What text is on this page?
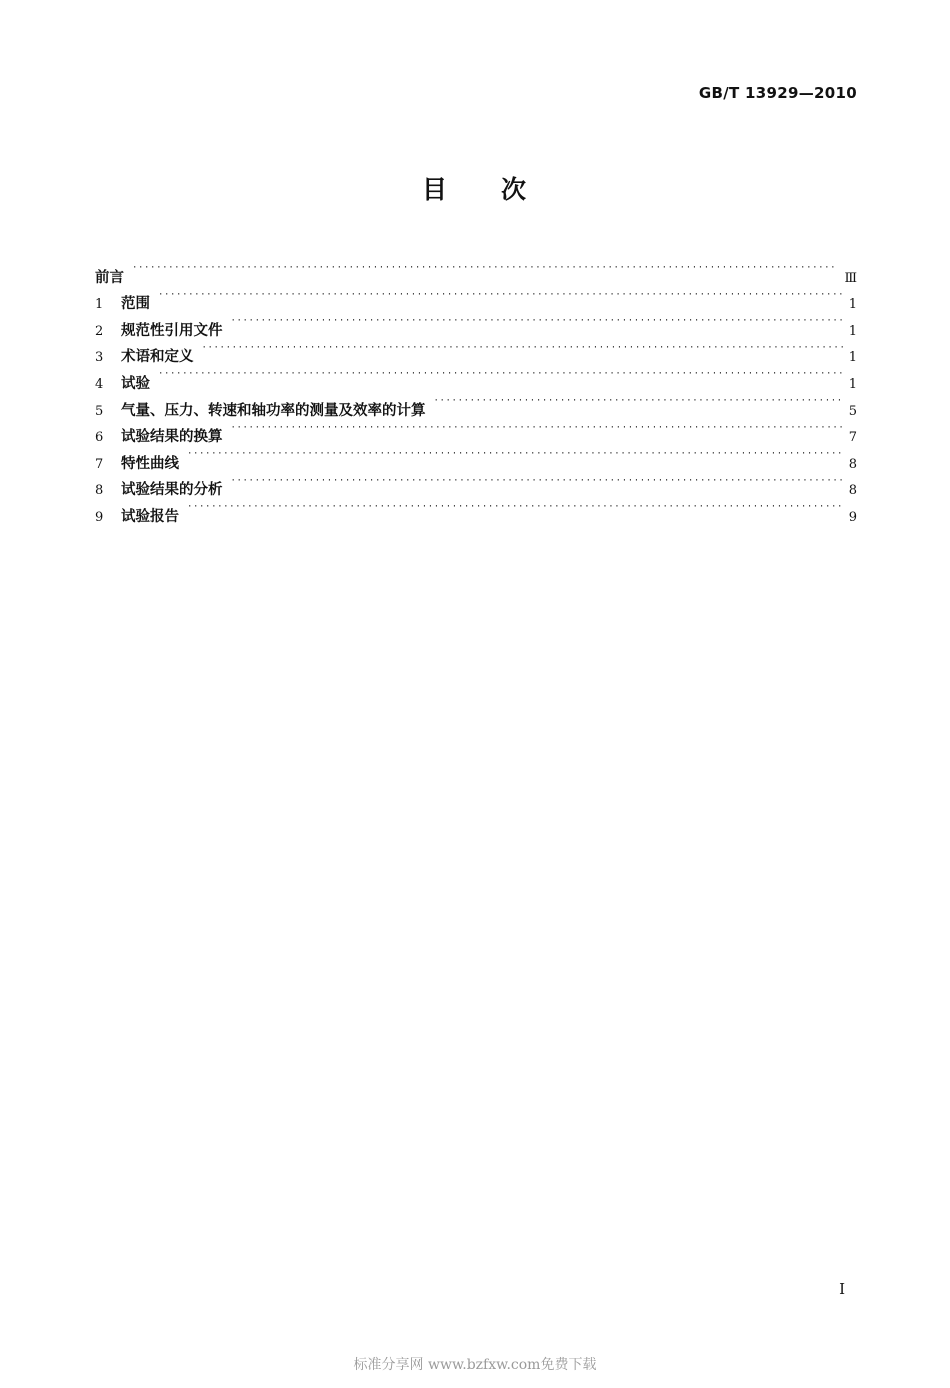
GB/T 13929—2010
目 次
前言 ·····	Ⅲ
1	范围 ·····	1
2	规范性引用文件 ·····	1
3	术语和定义 ·····	1
4	试验 ·····	1
5	气量、压力、转速和轴功率的测量及效率的计算 ·····	5
6	试验结果的换算 ·····	7
7	特性曲线 ·····	8
8	试验结果的分析 ·····	8
9	试验报告 ·····	9
I
标准分享网 www.bzfxw.com免费下载
